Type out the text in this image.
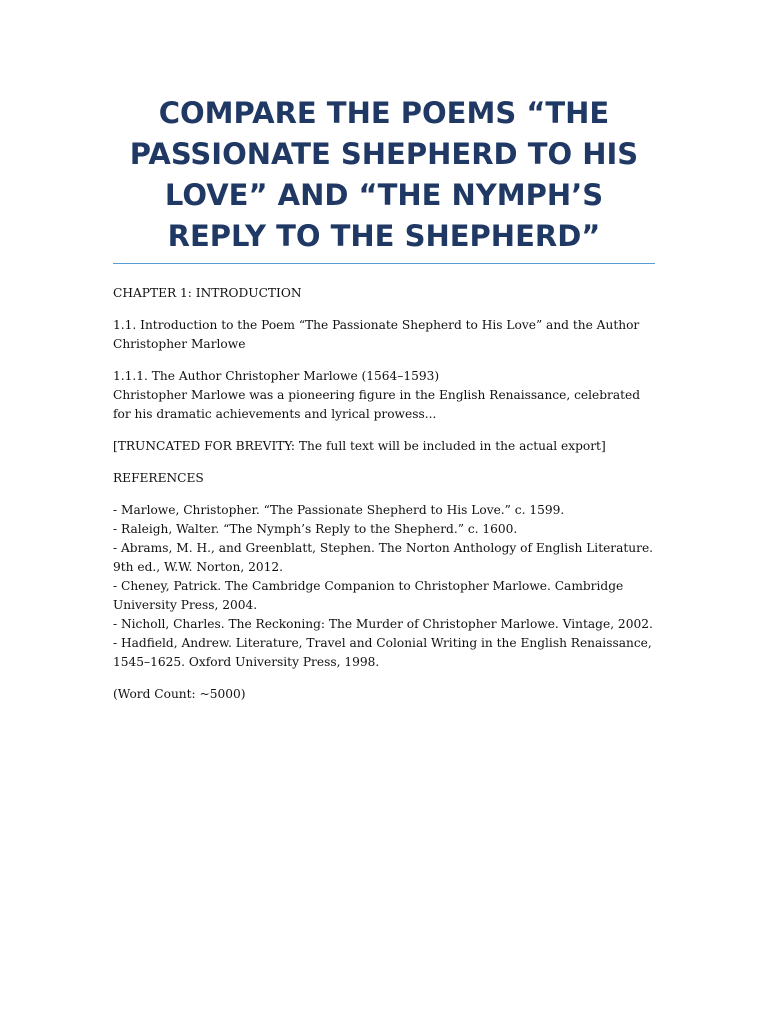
COMPARE THE POEMS “THE PASSIONATE SHEPHERD TO HIS LOVE” AND “THE NYMPH’S REPLY TO THE SHEPHERD”

CHAPTER 1: INTRODUCTION

1.1. Introduction to the Poem “The Passionate Shepherd to His Love” and the Author Christopher Marlowe

1.1.1. The Author Christopher Marlowe (1564–1593)

Christopher Marlowe was a pioneering figure in the English Renaissance, celebrated for his dramatic achievements and lyrical prowess...

[TRUNCATED FOR BREVITY: The full text will be included in the actual export]

REFERENCES

- Marlowe, Christopher. “The Passionate Shepherd to His Love.” c. 1599.
- Raleigh, Walter. “The Nymph’s Reply to the Shepherd.” c. 1600.
- Abrams, M. H., and Greenblatt, Stephen. The Norton Anthology of English Literature. 9th ed., W.W. Norton, 2012.
- Cheney, Patrick. The Cambridge Companion to Christopher Marlowe. Cambridge University Press, 2004.
- Nicholl, Charles. The Reckoning: The Murder of Christopher Marlowe. Vintage, 2002.
- Hadfield, Andrew. Literature, Travel and Colonial Writing in the English Renaissance, 1545–1625. Oxford University Press, 1998.

(Word Count: ~5000)
